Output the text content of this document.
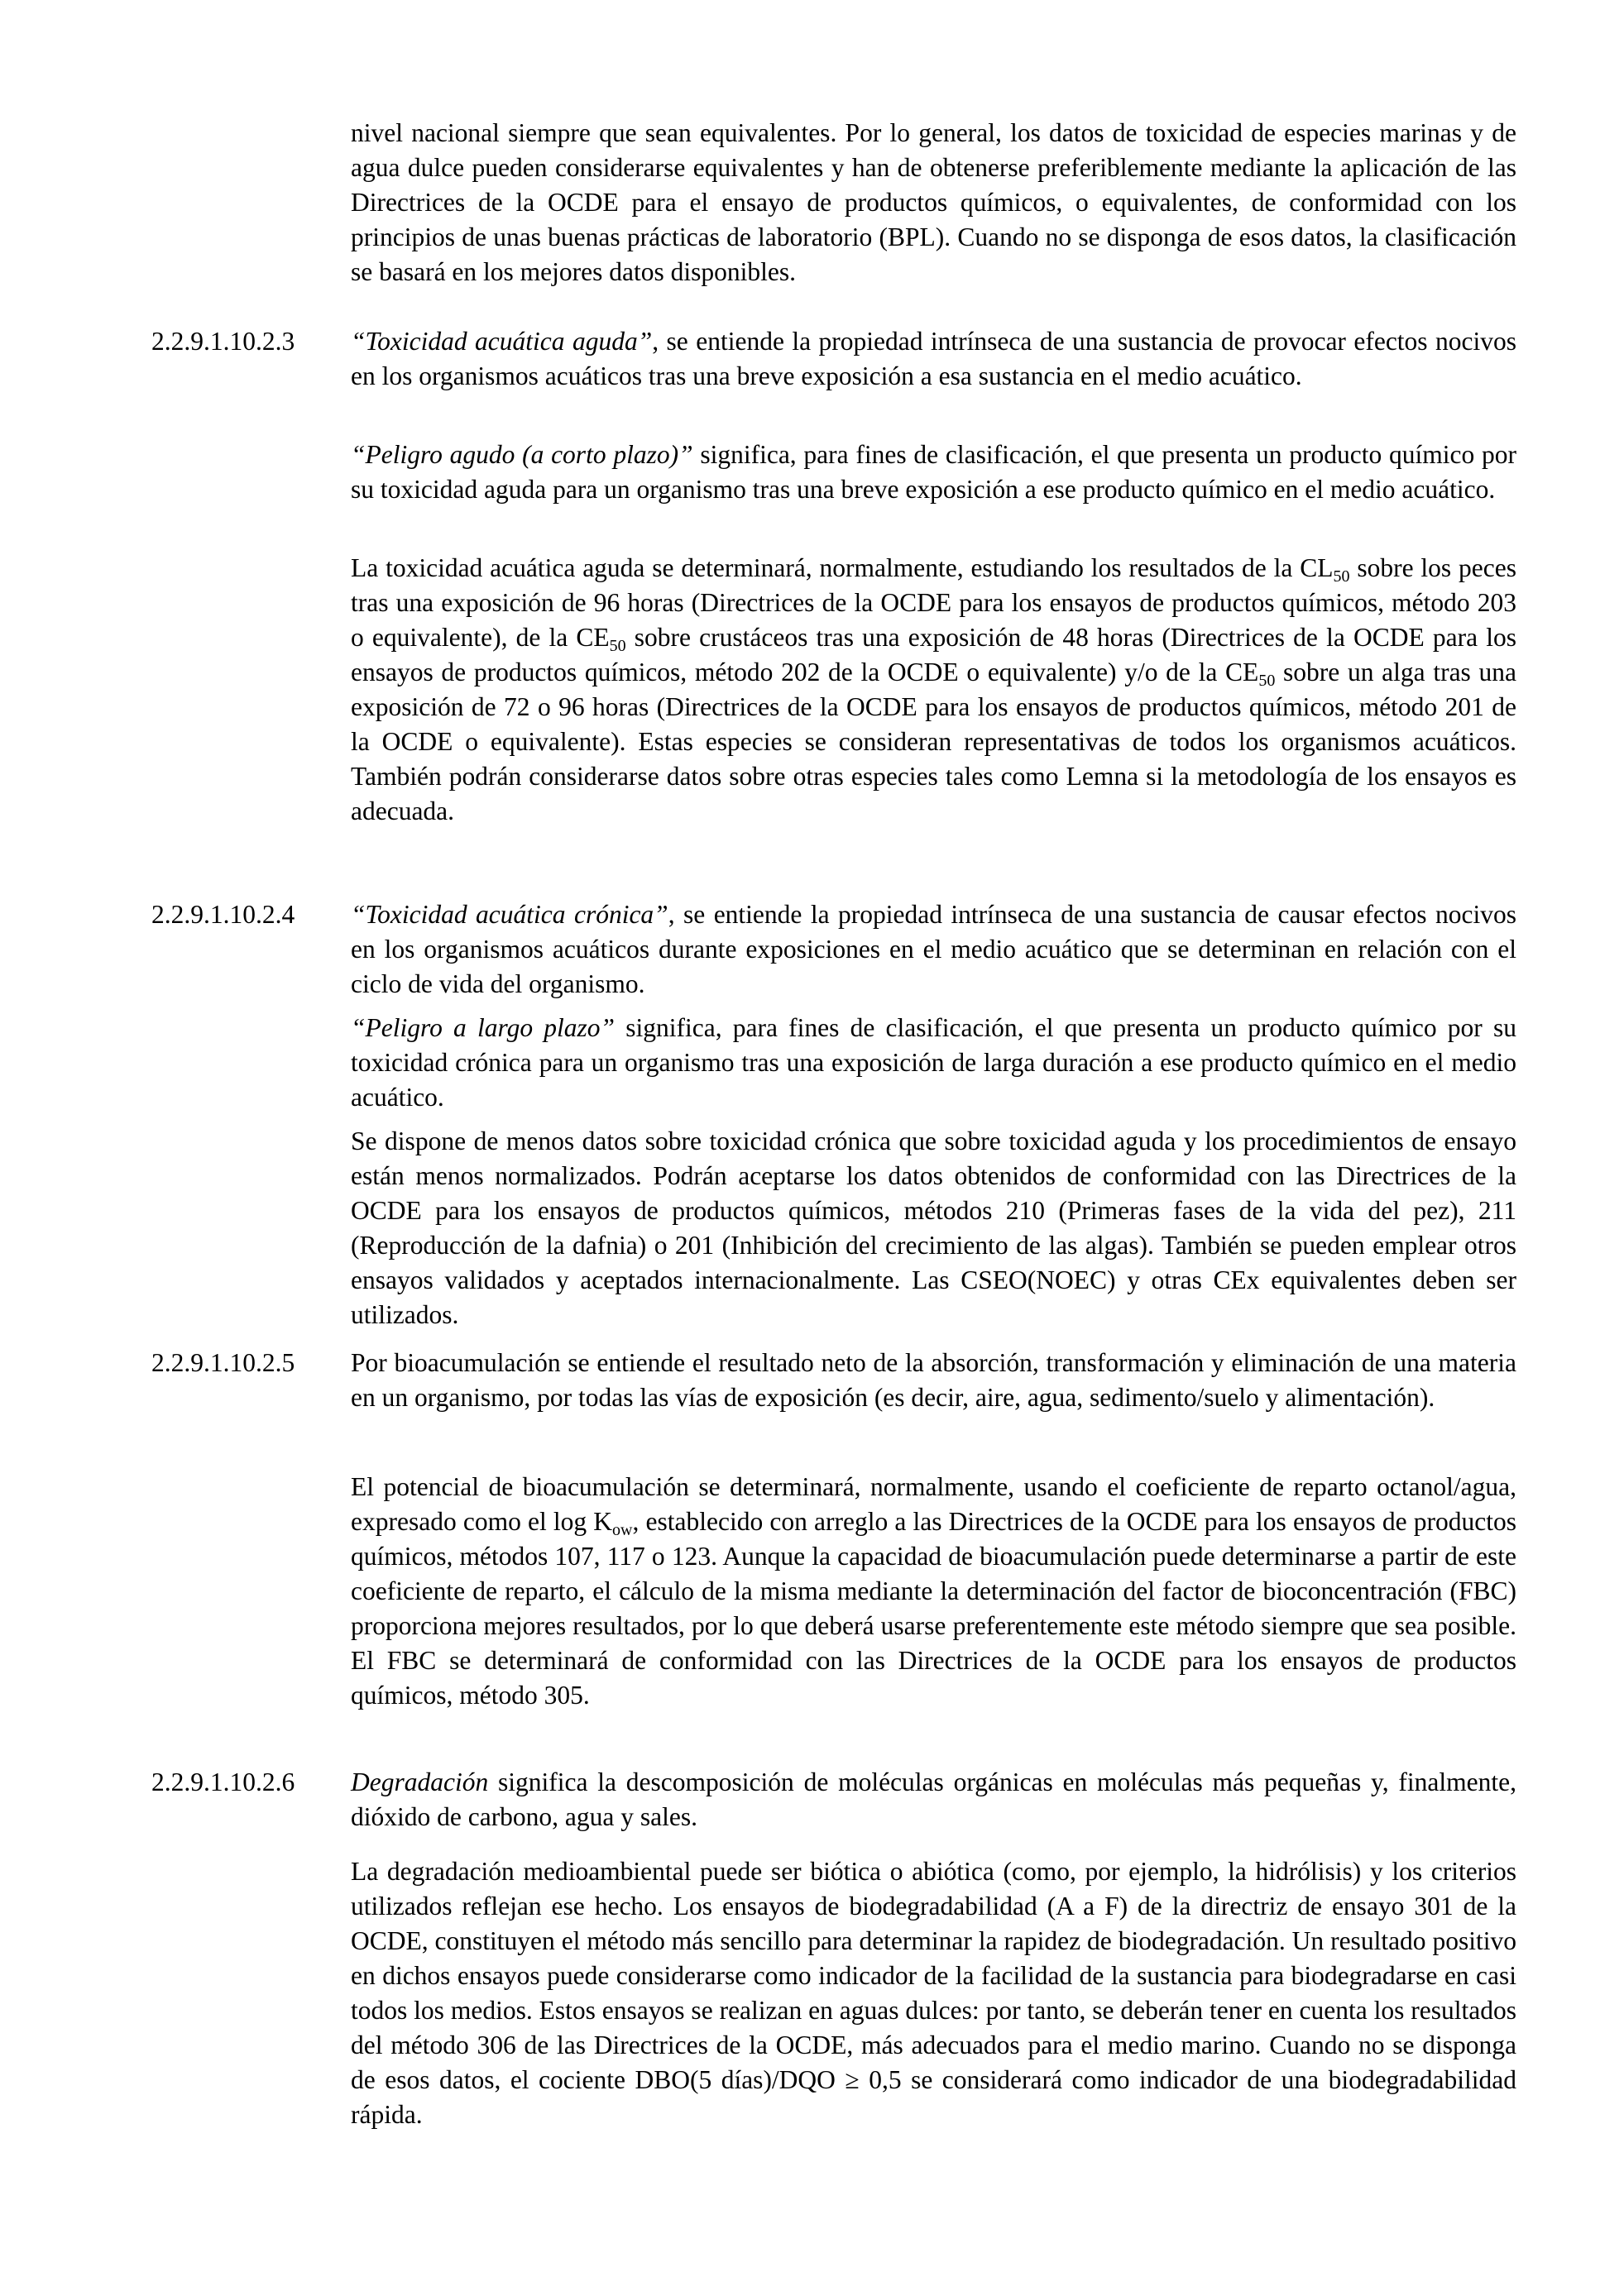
nivel nacional siempre que sean equivalentes. Por lo general, los datos de toxicidad de especies marinas y de agua dulce pueden considerarse equivalentes y han de obtenerse preferiblemente mediante la aplicación de las Directrices de la OCDE para el ensayo de productos químicos, o equivalentes, de conformidad con los principios de unas buenas prácticas de laboratorio (BPL). Cuando no se disponga de esos datos, la clasificación se basará en los mejores datos disponibles.

2.2.9.1.10.2.3	“Toxicidad acuática aguda”, se entiende la propiedad intrínseca de una sustancia de provocar efectos nocivos en los organismos acuáticos tras una breve exposición a esa sustancia en el medio acuático.

“Peligro agudo (a corto plazo)” significa, para fines de clasificación, el que presenta un producto químico por su toxicidad aguda para un organismo tras una breve exposición a ese producto químico en el medio acuático.

La toxicidad acuática aguda se determinará, normalmente, estudiando los resultados de la $CL_{50}$ sobre los peces tras una exposición de 96 horas (Directrices de la OCDE para los ensayos de productos químicos, método 203 o equivalente), de la $CE_{50}$ sobre crustáceos tras una exposición de 48 horas (Directrices de la OCDE para los ensayos de productos químicos, método 202 de la OCDE o equivalente) y/o de la $CE_{50}$ sobre un alga tras una exposición de 72 o 96 horas (Directrices de la OCDE para los ensayos de productos químicos, método 201 de la OCDE o equivalente). Estas especies se consideran representativas de todos los organismos acuáticos. También podrán considerarse datos sobre otras especies tales como Lemna si la metodología de los ensayos es adecuada.

2.2.9.1.10.2.4	“Toxicidad acuática crónica”, se entiende la propiedad intrínseca de una sustancia de causar efectos nocivos en los organismos acuáticos durante exposiciones en el medio acuático que se determinan en relación con el ciclo de vida del organismo.

“Peligro a largo plazo” significa, para fines de clasificación, el que presenta un producto químico por su toxicidad crónica para un organismo tras una exposición de larga duración a ese producto químico en el medio acuático.

Se dispone de menos datos sobre toxicidad crónica que sobre toxicidad aguda y los procedimientos de ensayo están menos normalizados. Podrán aceptarse los datos obtenidos de conformidad con las Directrices de la OCDE para los ensayos de productos químicos, métodos 210 (Primeras fases de la vida del pez), 211 (Reproducción de la dafnia) o 201 (Inhibición del crecimiento de las algas). También se pueden emplear otros ensayos validados y aceptados internacionalmente. Las CSEO(NOEC) y otras CEx equivalentes deben ser utilizados.

2.2.9.1.10.2.5	Por bioacumulación se entiende el resultado neto de la absorción, transformación y eliminación de una materia en un organismo, por todas las vías de exposición (es decir, aire, agua, sedimento/suelo y alimentación).

El potencial de bioacumulación se determinará, normalmente, usando el coeficiente de reparto octanol/agua, expresado como el $\log K_{ow}$, establecido con arreglo a las Directrices de la OCDE para los ensayos de productos químicos, métodos 107, 117 o 123. Aunque la capacidad de bioacumulación puede determinarse a partir de este coeficiente de reparto, el cálculo de la misma mediante la determinación del factor de bioconcentración (FBC) proporciona mejores resultados, por lo que deberá usarse preferentemente este método siempre que sea posible. El FBC se determinará de conformidad con las Directrices de la OCDE para los ensayos de productos químicos, método 305.

2.2.9.1.10.2.6	Degradación significa la descomposición de moléculas orgánicas en moléculas más pequeñas y, finalmente, dióxido de carbono, agua y sales.

La degradación medioambiental puede ser biótica o abiótica (como, por ejemplo, la hidrólisis) y los criterios utilizados reflejan ese hecho. Los ensayos de biodegradabilidad (A a F) de la directriz de ensayo 301 de la OCDE, constituyen el método más sencillo para determinar la rapidez de biodegradación. Un resultado positivo en dichos ensayos puede considerarse como indicador de la facilidad de la sustancia para biodegradarse en casi todos los medios. Estos ensayos se realizan en aguas dulces: por tanto, se deberán tener en cuenta los resultados del método 306 de las Directrices de la OCDE, más adecuados para el medio marino. Cuando no se disponga de esos datos, el cociente DBO(5 días)/DQO ≥ 0,5 se considerará como indicador de una biodegradabilidad rápida.
